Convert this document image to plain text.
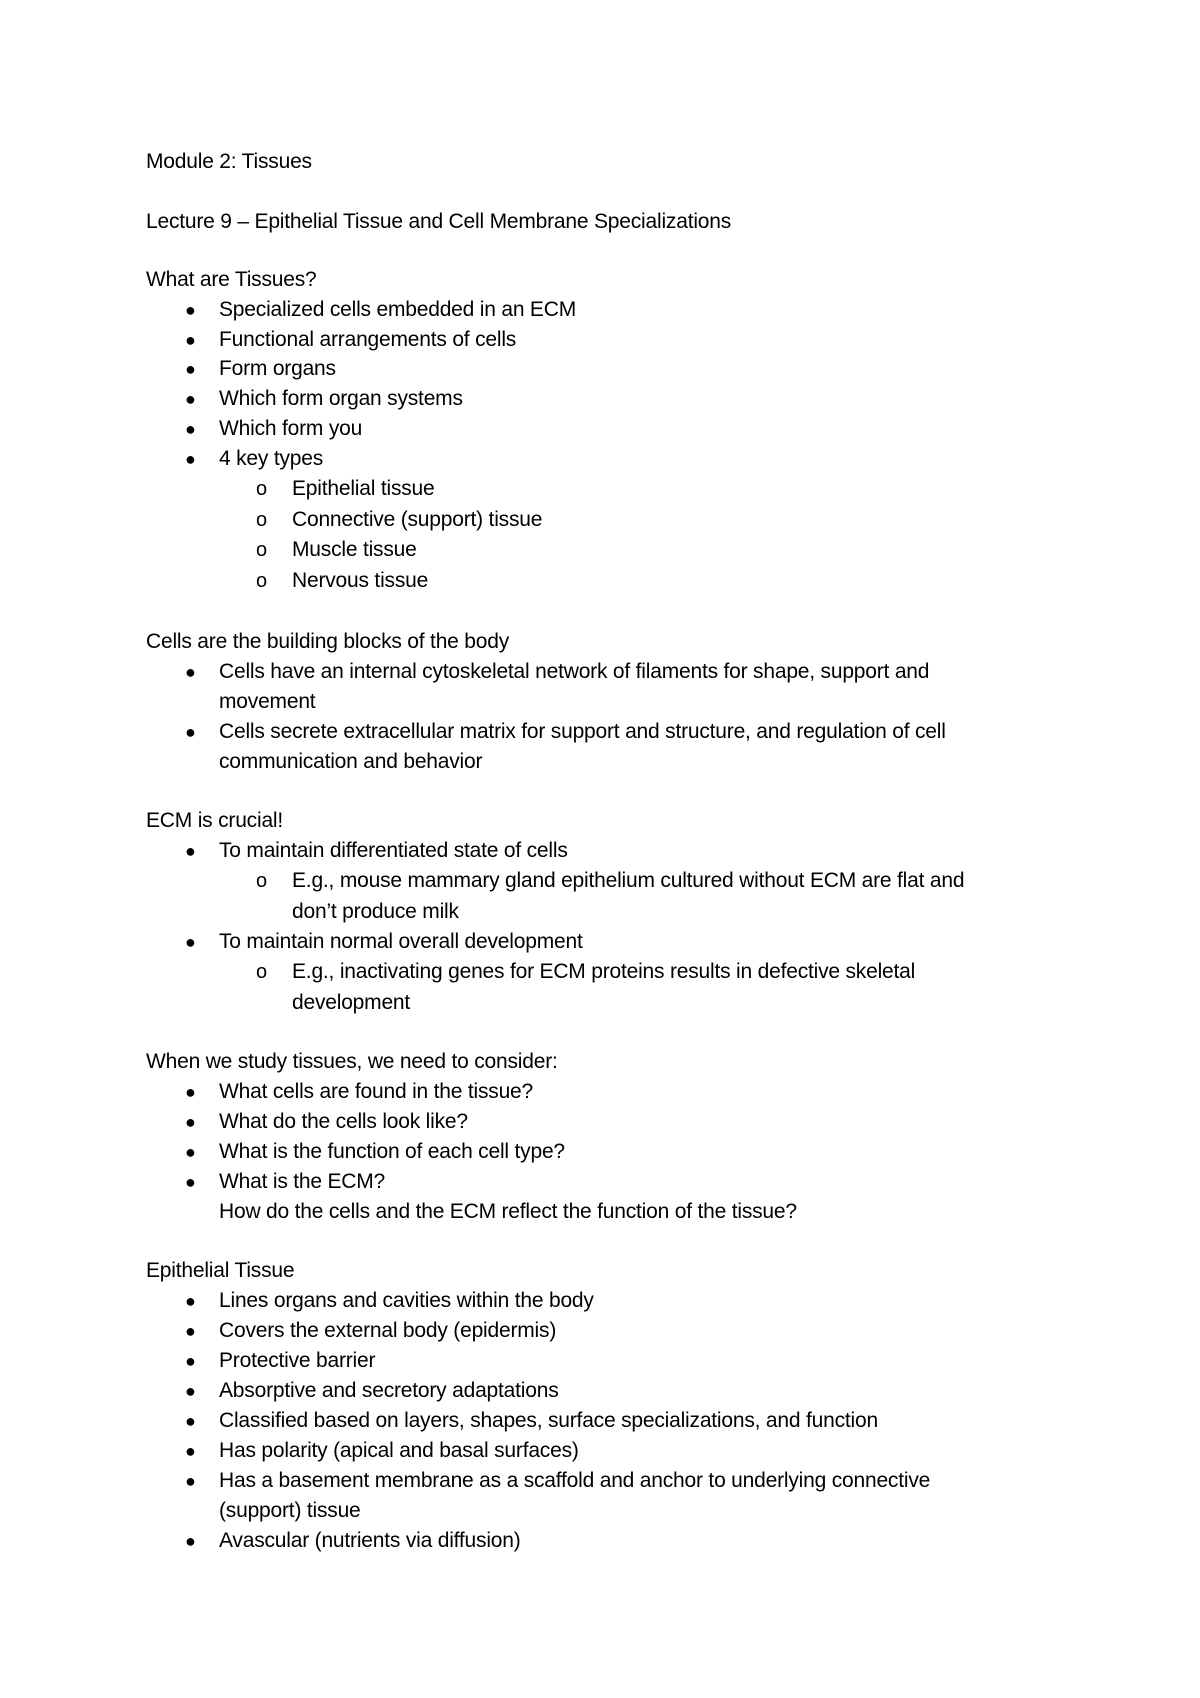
Module 2: Tissues
Lecture 9 – Epithelial Tissue and Cell Membrane Specializations
What are Tissues?
● Specialized cells embedded in an ECM
● Functional arrangements of cells
● Form organs
● Which form organ systems
● Which form you
● 4 key types
o Epithelial tissue
o Connective (support) tissue
o Muscle tissue
o Nervous tissue
Cells are the building blocks of the body
● Cells have an internal cytoskeletal network of filaments for shape, support and
movement
● Cells secrete extracellular matrix for support and structure, and regulation of cell
communication and behavior
ECM is crucial!
● To maintain differentiated state of cells
o E.g., mouse mammary gland epithelium cultured without ECM are flat and
don’t produce milk
● To maintain normal overall development
o E.g., inactivating genes for ECM proteins results in defective skeletal
development
When we study tissues, we need to consider:
● What cells are found in the tissue?
● What do the cells look like?
● What is the function of each cell type?
● What is the ECM?
How do the cells and the ECM reflect the function of the tissue?
Epithelial Tissue
● Lines organs and cavities within the body
● Covers the external body (epidermis)
● Protective barrier
● Absorptive and secretory adaptations
● Classified based on layers, shapes, surface specializations, and function
● Has polarity (apical and basal surfaces)
● Has a basement membrane as a scaffold and anchor to underlying connective
(support) tissue
● Avascular (nutrients via diffusion)
